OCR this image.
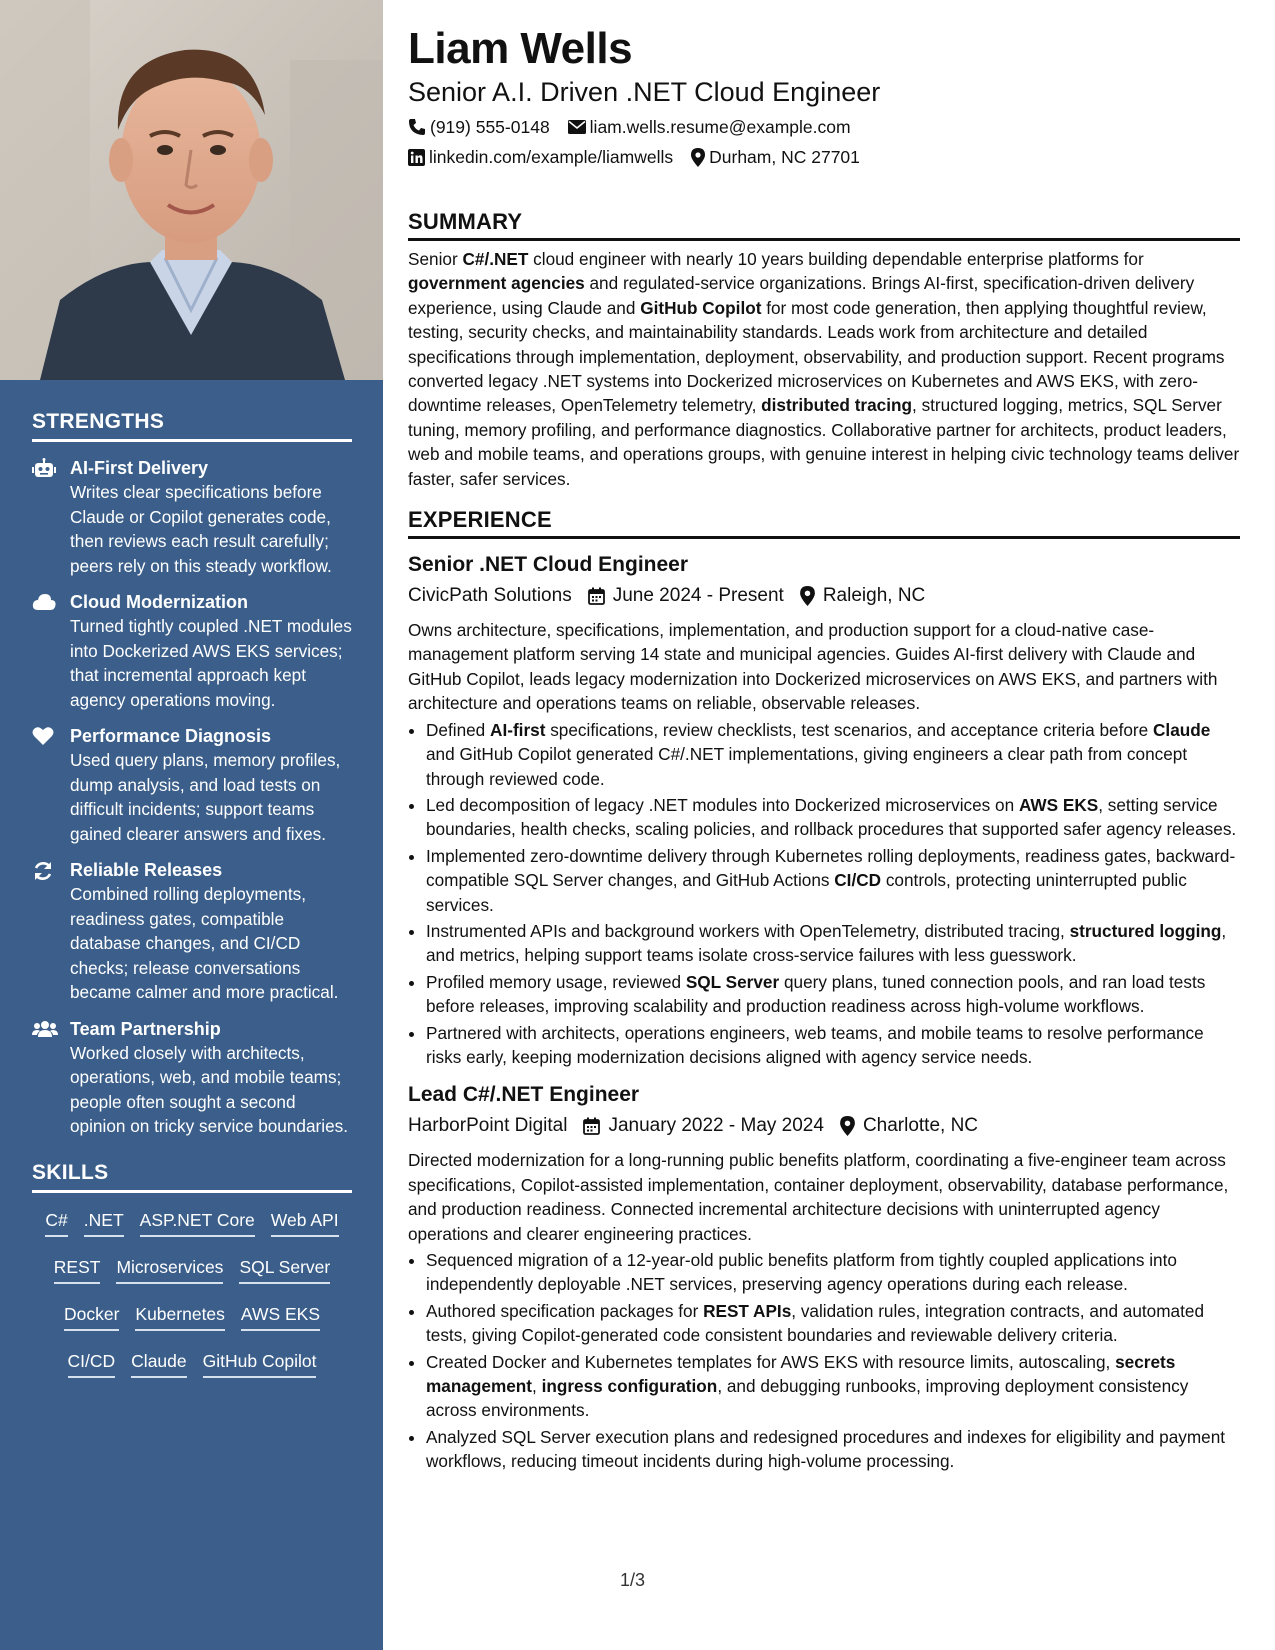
STRENGTHS
AI-First Delivery
Writes clear specifications before Claude or Copilot generates code, then reviews each result carefully; peers rely on this steady workflow.
Cloud Modernization
Turned tightly coupled .NET modules into Dockerized AWS EKS services; that incremental approach kept agency operations moving.
Performance Diagnosis
Used query plans, memory profiles, dump analysis, and load tests on difficult incidents; support teams gained clearer answers and fixes.
Reliable Releases
Combined rolling deployments, readiness gates, compatible database changes, and CI/CD checks; release conversations became calmer and more practical.
Team Partnership
Worked closely with architects, operations, web, and mobile teams; people often sought a second opinion on tricky service boundaries.
SKILLS
C# .NET ASP.NET Core Web API
REST Microservices SQL Server
Docker Kubernetes AWS EKS
CI/CD Claude GitHub Copilot
Liam Wells
Senior A.I. Driven .NET Cloud Engineer
(919) 555-0148 liam.wells.resume@example.com
linkedin.com/example/liamwells Durham, NC 27701
SUMMARY
Senior C#/.NET cloud engineer with nearly 10 years building dependable enterprise platforms for government agencies and regulated-service organizations. Brings AI-first, specification-driven delivery experience, using Claude and GitHub Copilot for most code generation, then applying thoughtful review, testing, security checks, and maintainability standards. Leads work from architecture and detailed specifications through implementation, deployment, observability, and production support. Recent programs converted legacy .NET systems into Dockerized microservices on Kubernetes and AWS EKS, with zero-downtime releases, OpenTelemetry telemetry, distributed tracing, structured logging, metrics, SQL Server tuning, memory profiling, and performance diagnostics. Collaborative partner for architects, product leaders, web and mobile teams, and operations groups, with genuine interest in helping civic technology teams deliver faster, safer services.
EXPERIENCE
Senior .NET Cloud Engineer
CivicPath Solutions June 2024 - Present Raleigh, NC
Owns architecture, specifications, implementation, and production support for a cloud-native case-management platform serving 14 state and municipal agencies. Guides AI-first delivery with Claude and GitHub Copilot, leads legacy modernization into Dockerized microservices on AWS EKS, and partners with architecture and operations teams on reliable, observable releases.
• Defined AI-first specifications, review checklists, test scenarios, and acceptance criteria before Claude and GitHub Copilot generated C#/.NET implementations, giving engineers a clear path from concept through reviewed code.
• Led decomposition of legacy .NET modules into Dockerized microservices on AWS EKS, setting service boundaries, health checks, scaling policies, and rollback procedures that supported safer agency releases.
• Implemented zero-downtime delivery through Kubernetes rolling deployments, readiness gates, backward-compatible SQL Server changes, and GitHub Actions CI/CD controls, protecting uninterrupted public services.
• Instrumented APIs and background workers with OpenTelemetry, distributed tracing, structured logging, and metrics, helping support teams isolate cross-service failures with less guesswork.
• Profiled memory usage, reviewed SQL Server query plans, tuned connection pools, and ran load tests before releases, improving scalability and production readiness across high-volume workflows.
• Partnered with architects, operations engineers, web teams, and mobile teams to resolve performance risks early, keeping modernization decisions aligned with agency service needs.
Lead C#/.NET Engineer
HarborPoint Digital January 2022 - May 2024 Charlotte, NC
Directed modernization for a long-running public benefits platform, coordinating a five-engineer team across specifications, Copilot-assisted implementation, container deployment, observability, database performance, and production readiness. Connected incremental architecture decisions with uninterrupted agency operations and clearer engineering practices.
• Sequenced migration of a 12-year-old public benefits platform from tightly coupled applications into independently deployable .NET services, preserving agency operations during each release.
• Authored specification packages for REST APIs, validation rules, integration contracts, and automated tests, giving Copilot-generated code consistent boundaries and reviewable delivery criteria.
• Created Docker and Kubernetes templates for AWS EKS with resource limits, autoscaling, secrets management, ingress configuration, and debugging runbooks, improving deployment consistency across environments.
• Analyzed SQL Server execution plans and redesigned procedures and indexes for eligibility and payment workflows, reducing timeout incidents during high-volume processing.
1/3
